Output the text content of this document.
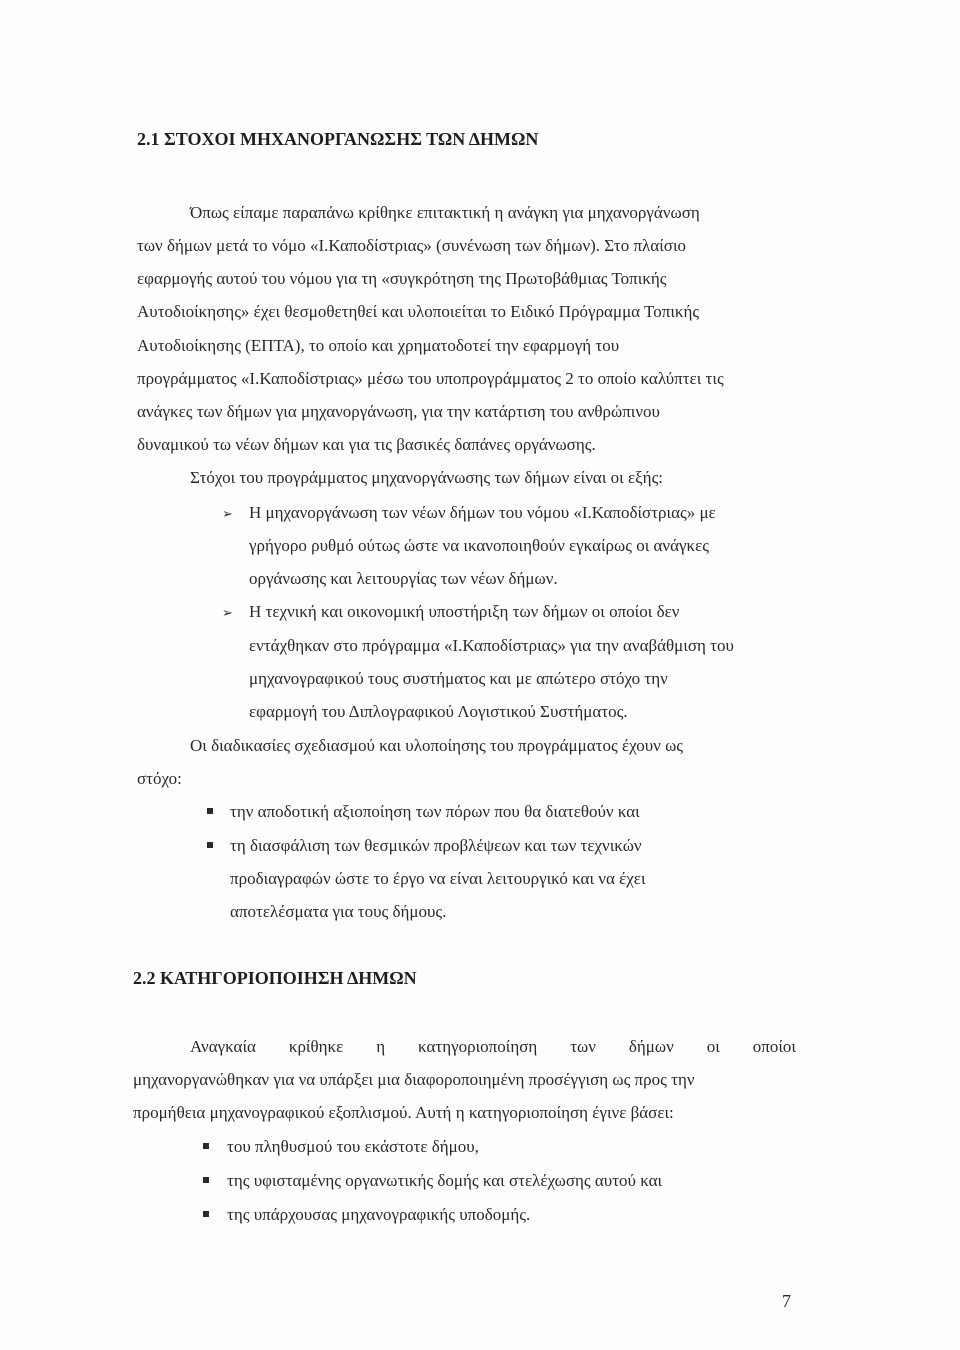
2.1 ΣΤΟΧΟΙ ΜΗΧΑΝΟΡΓΑΝΩΣΗΣ ΤΩΝ ΔΗΜΩΝ
Όπως είπαμε παραπάνω κρίθηκε επιτακτική η ανάγκη για μηχανοργάνωση
των δήμων μετά το νόμο «Ι.Καποδίστριας» (συνένωση των δήμων). Στο πλαίσιο
εφαρμογής αυτού του νόμου για τη «συγκρότηση της Πρωτοβάθμιας Τοπικής
Αυτοδιοίκησης» έχει θεσμοθετηθεί και υλοποιείται το Ειδικό Πρόγραμμα Τοπικής
Αυτοδιοίκησης (ΕΠΤΑ), το οποίο και χρηματοδοτεί την εφαρμογή του
προγράμματος «Ι.Καποδίστριας» μέσω του υποπρογράμματος 2 το οποίο καλύπτει τις
ανάγκες των δήμων για μηχανοργάνωση, για την κατάρτιση του ανθρώπινου
δυναμικού τω νέων δήμων και για τις βασικές δαπάνες οργάνωσης.
Στόχοι του προγράμματος μηχανοργάνωσης των δήμων είναι οι εξής:
➢ Η μηχανοργάνωση των νέων δήμων του νόμου «Ι.Καποδίστριας» με
γρήγορο ρυθμό ούτως ώστε να ικανοποιηθούν εγκαίρως οι ανάγκες
οργάνωσης και λειτουργίας των νέων δήμων.
➢ Η τεχνική και οικονομική υποστήριξη των δήμων οι οποίοι δεν
εντάχθηκαν στο πρόγραμμα «Ι.Καποδίστριας» για την αναβάθμιση του
μηχανογραφικού τους συστήματος και με απώτερο στόχο την
εφαρμογή του Διπλογραφικού Λογιστικού Συστήματος.
Οι διαδικασίες σχεδιασμού και υλοποίησης του προγράμματος έχουν ως
στόχο:
την αποδοτική αξιοποίηση των πόρων που θα διατεθούν και
τη διασφάλιση των θεσμικών προβλέψεων και των τεχνικών
προδιαγραφών ώστε το έργο να είναι λειτουργικό και να έχει
αποτελέσματα για τους δήμους.
2.2 ΚΑΤΗΓΟΡΙΟΠΟΙΗΣΗ ΔΗΜΩΝ
Αναγκαία κρίθηκε η κατηγοριοποίηση των δήμων οι οποίοι
μηχανοργανώθηκαν για να υπάρξει μια διαφοροποιημένη προσέγγιση ως προς την
προμήθεια μηχανογραφικού εξοπλισμού. Αυτή η κατηγοριοποίηση έγινε βάσει:
του πληθυσμού του εκάστοτε δήμου,
της υφισταμένης οργανωτικής δομής και στελέχωσης αυτού και
της υπάρχουσας μηχανογραφικής υποδομής.
7
